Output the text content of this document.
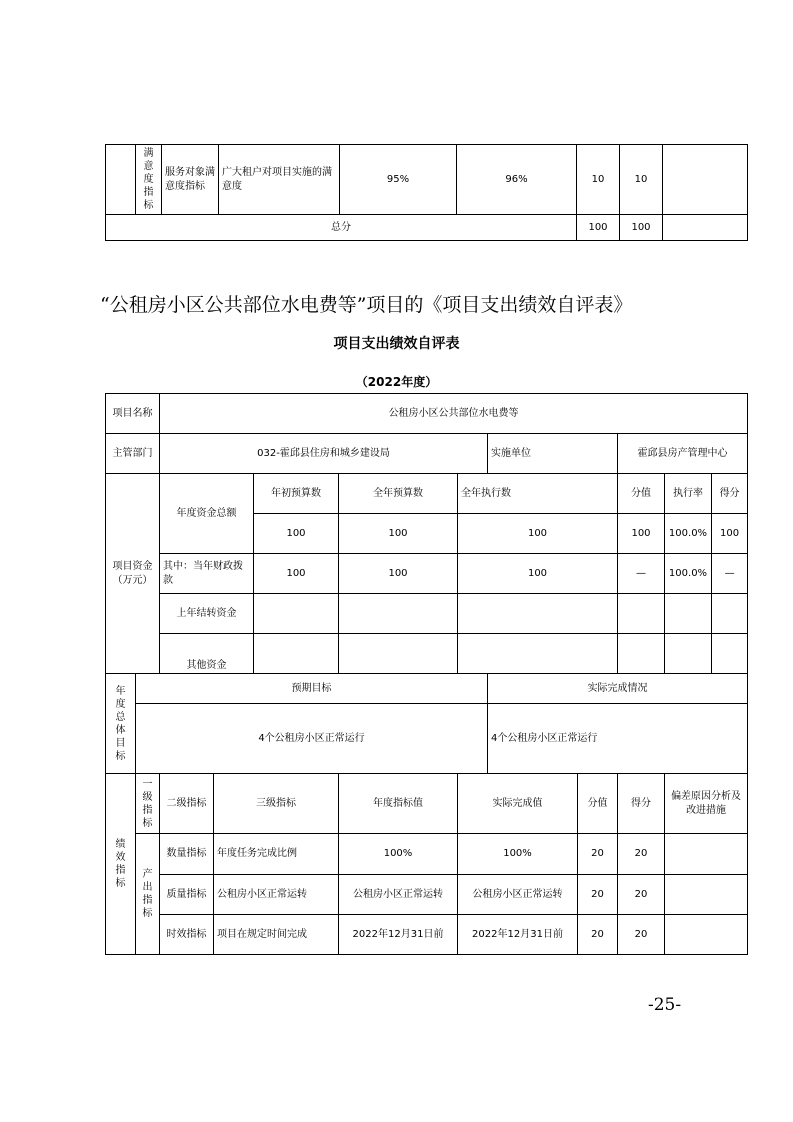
	满意度指标	服务对象满意度指标	广大租户对项目实施的满意度	95%	96%	10	10	
总分						100	100	
“公租房小区公共部位水电费等”项目的《项目支出绩效自评表》
项目支出绩效自评表
（2022年度）
项目名称		公租房小区公共部位水电费等									
主管部门		032-霍邱县住房和城乡建设局					实施单位		霍邱县房产管理中心		
项目资金（万元）		年度资金总额		年初预算数	全年预算数	全年执行数			分值	执行率	得分
				100	100	100			100	100.0%	100
		其中：当年财政拨款		100	100	100			—	100.0%	—
		上年结转资金									
		其他资金									

年度总体目标	预期目标						实际完成情况				
	4个公租房小区正常运行						4个公租房小区正常运行				

绩效指标	一级指标	二级指标	三级指标		年度指标值	实际完成值		分值	得分	偏差原因分析及改进措施	

	产出指标	数量指标	年度任务完成比例		100%	100%		20	20		
		质量指标	公租房小区正常运转		公租房小区正常运转	公租房小区正常运转		20	20		
		时效指标	项目在规定时间完成		2022年12月31日前	2022年12月31日前		20	20		
-25-
